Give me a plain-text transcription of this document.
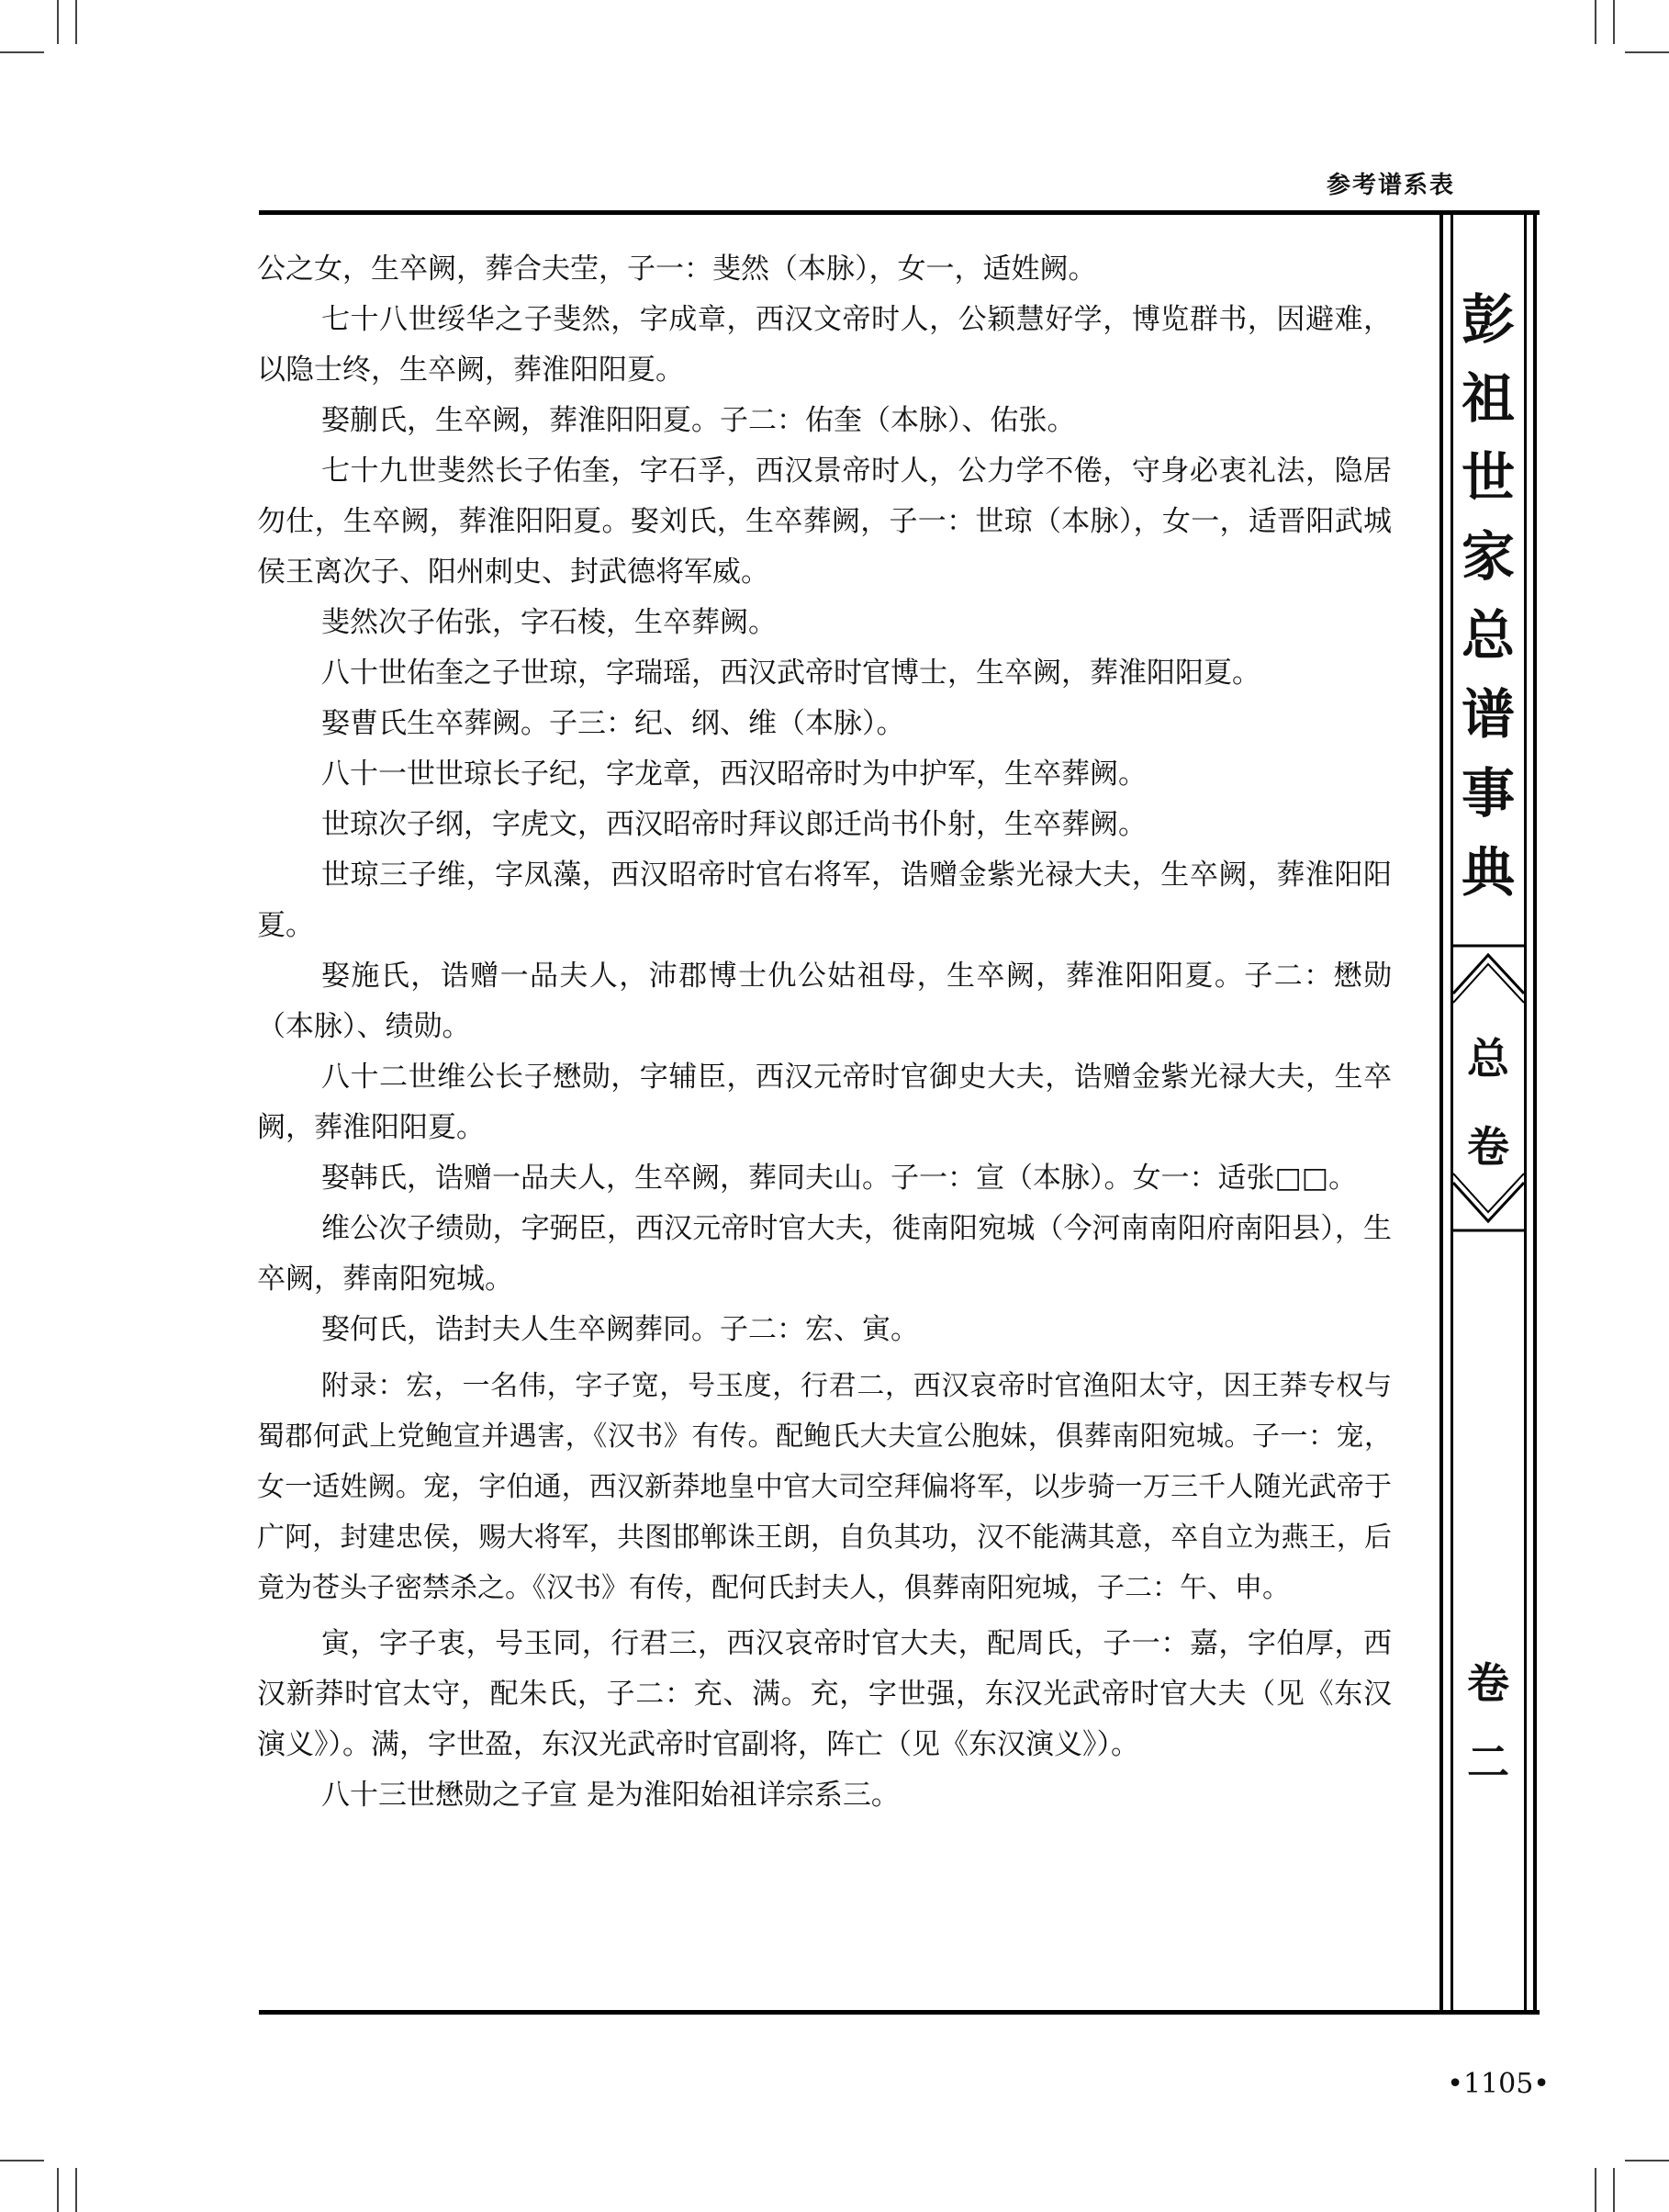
参考谱系表

公之女，生卒阙，葬合夫茔，子一：斐然（本脉），女一，适姓阙。

七十八世绥华之子斐然，字成章，西汉文帝时人，公颖慧好学，博览群书，因避难，以隐士终，生卒阙，葬淮阳阳夏。

娶蒯氏，生卒阙，葬淮阳阳夏。子二：佑奎（本脉）、佑张。

七十九世斐然长子佑奎，字石孚，西汉景帝时人，公力学不倦，守身必衷礼法，隐居勿仕，生卒阙，葬淮阳阳夏。娶刘氏，生卒葬阙，子一：世琼（本脉），女一，适晋阳武城侯王离次子、阳州刺史、封武德将军威。

斐然次子佑张，字石棱，生卒葬阙。

八十世佑奎之子世琼，字瑞瑶，西汉武帝时官博士，生卒阙，葬淮阳阳夏。

娶曹氏生卒葬阙。子三：纪、纲、维（本脉）。

八十一世世琼长子纪，字龙章，西汉昭帝时为中护军，生卒葬阙。

世琼次子纲，字虎文，西汉昭帝时拜议郎迁尚书仆射，生卒葬阙。

世琼三子维，字凤藻，西汉昭帝时官右将军，诰赠金紫光禄大夫，生卒阙，葬淮阳阳夏。

娶施氏，诰赠一品夫人，沛郡博士仇公姑祖母，生卒阙，葬淮阳阳夏。子二：懋勋（本脉）、绩勋。

八十二世维公长子懋勋，字辅臣，西汉元帝时官御史大夫，诰赠金紫光禄大夫，生卒阙，葬淮阳阳夏。

娶韩氏，诰赠一品夫人，生卒阙，葬同夫山。子一：宣（本脉）。女一：适张□□。

维公次子绩勋，字弼臣，西汉元帝时官大夫，徙南阳宛城（今河南南阳府南阳县），生卒阙，葬南阳宛城。

娶何氏，诰封夫人生卒阙葬同。子二：宏、寅。

附录：宏，一名伟，字子宽，号玉度，行君二，西汉哀帝时官渔阳太守，因王莽专权与蜀郡何武上党鲍宣并遇害，《汉书》有传。配鲍氏大夫宣公胞妹，俱葬南阳宛城。子一：宠，女一适姓阙。宠，字伯通，西汉新莽地皇中官大司空拜偏将军，以步骑一万三千人随光武帝于广阿，封建忠侯，赐大将军，共图邯郸诛王朗，自负其功，汉不能满其意，卒自立为燕王，后竟为苍头子密禁杀之。《汉书》有传，配何氏封夫人，俱葬南阳宛城，子二：午、申。

寅，字子衷，号玉同，行君三，西汉哀帝时官大夫，配周氏，子一：嘉，字伯厚，西汉新莽时官太守，配朱氏，子二：充、满。充，字世强，东汉光武帝时官大夫（见《东汉演义》）。满，字世盈，东汉光武帝时官副将，阵亡（见《东汉演义》）。

八十三世懋勋之子宣 是为淮阳始祖详宗系三。

彭
祖
世
家
总
谱
事
典
总
卷
卷
二
•1105•
